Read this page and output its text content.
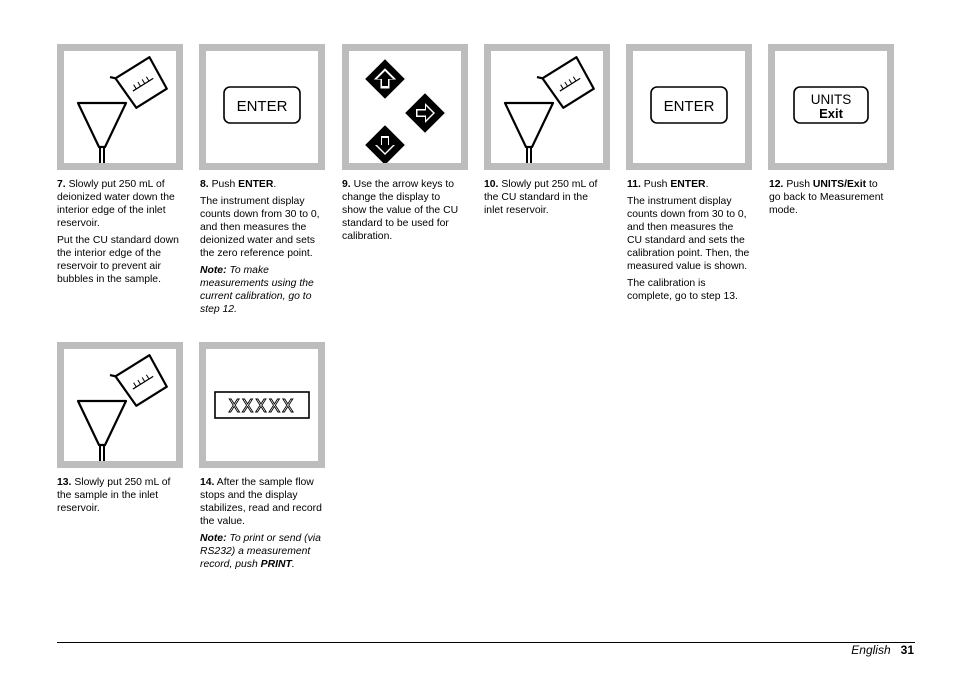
7. Slowly put 250 mL of deionized water down the interior edge of the inlet reservoir.

Put the CU standard down the interior edge of the reservoir to prevent air bubbles in the sample.

ENTER

8. Push ENTER.

The instrument display counts down from 30 to 0, and then measures the deionized water and sets the zero reference point.

Note: To make measurements using the current calibration, go to step 12.

9. Use the arrow keys to change the display to show the value of the CU standard to be used for calibration.

10. Slowly put 250 mL of the CU standard in the inlet reservoir.

ENTER

11. Push ENTER.

The instrument display counts down from 30 to 0, and then measures the CU standard and sets the calibration point. Then, the measured value is shown.

The calibration is complete, go to step 13.

UNITS
Exit

12. Push UNITS/Exit to go back to Measurement mode.

13. Slowly put 250 mL of the sample in the inlet reservoir.

XXXXX

14. After the sample flow stops and the display stabilizes, read and record the value.

Note: To print or send (via RS232) a measurement record, push PRINT.

English 31
